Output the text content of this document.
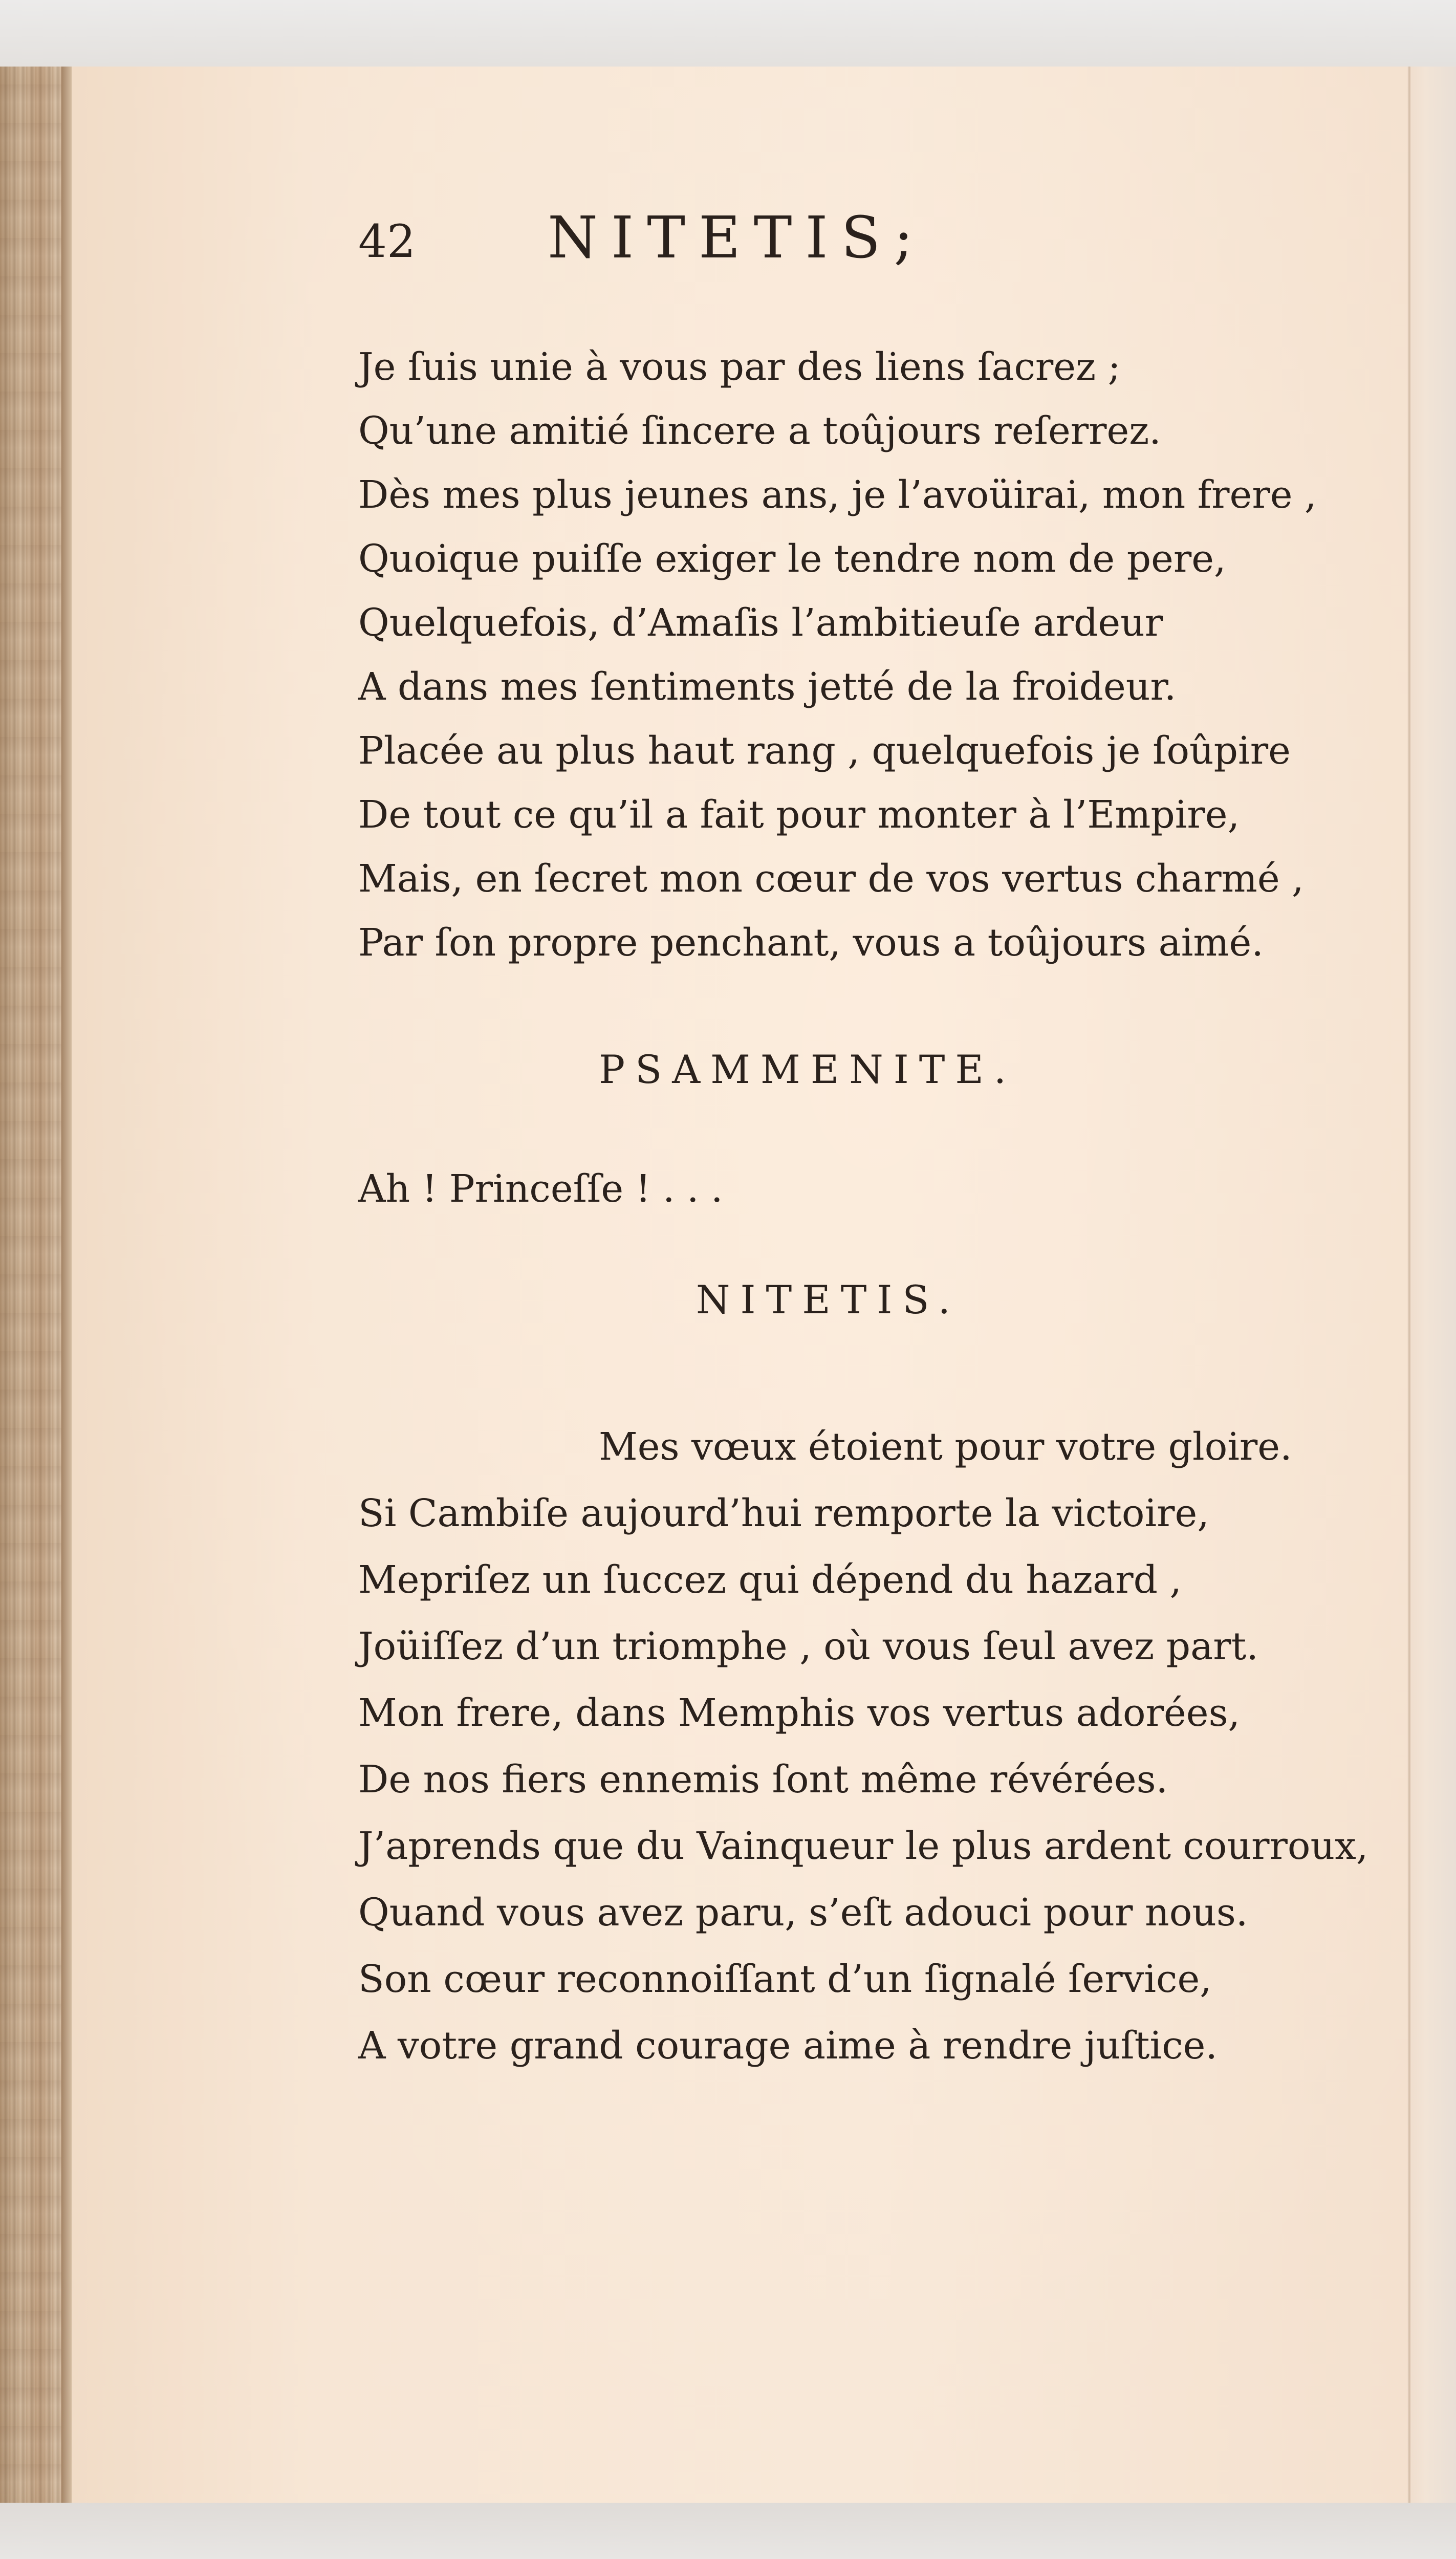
42 NITETIS;
Je ſuis unie à vous par des liens ſacrez ;
Qu’une amitié ſincere a toûjours reſerrez.
Dès mes plus jeunes ans, je l’avoüirai, mon frere ,
Quoique puiſſe exiger le tendre nom de pere,
Quelquefois, d’Amaſis l’ambitieuſe ardeur
A dans mes ſentiments jetté de la froideur.
Placée au plus haut rang , quelquefois je ſoûpire
De tout ce qu’il a fait pour monter à l’Empire,
Mais, en ſecret mon cœur de vos vertus charmé ,
Par ſon propre penchant, vous a toûjours aimé.
PSAMMENITE.
Ah ! Princeſſe ! . . .
NITETIS.
Mes vœux étoient pour votre gloire.
Si Cambiſe aujourd’hui remporte la victoire,
Mepriſez un ſuccez qui dépend du hazard ,
Joüiſſez d’un triomphe , où vous ſeul avez part.
Mon frere, dans Memphis vos vertus adorées,
De nos fiers ennemis ſont même révérées.
J’aprends que du Vainqueur le plus ardent courroux,
Quand vous avez paru, s’eſt adouci pour nous.
Son cœur reconnoiſſant d’un ſignalé ſervice,
A votre grand courage aime à rendre juſtice.
